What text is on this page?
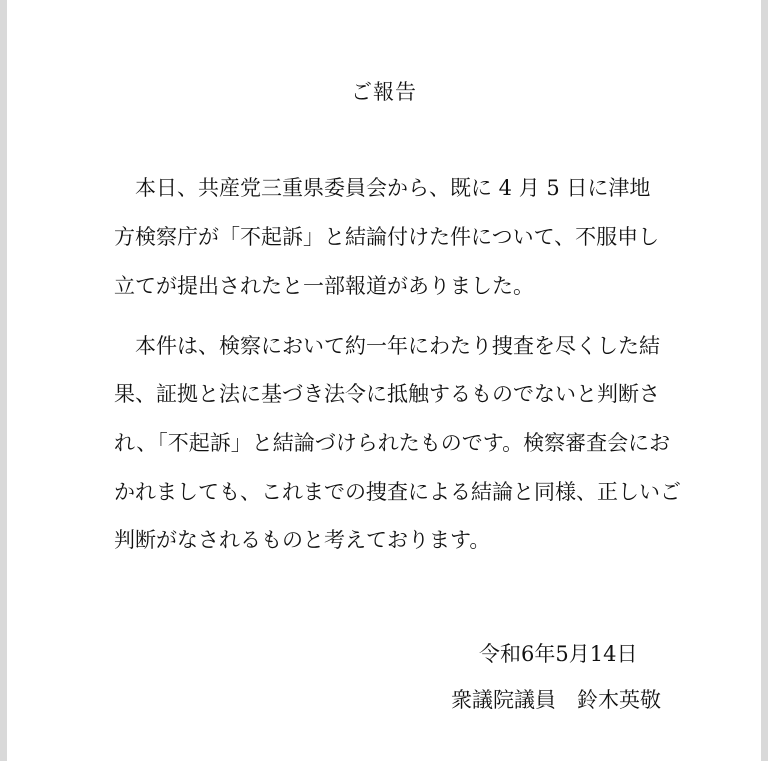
ご報告
本日、共産党三重県委員会から、既に 4 月 5 日に津地
方検察庁が「不起訴」と結論付けた件について、不服申し
立てが提出されたと一部報道がありました。
本件は、検察において約一年にわたり捜査を尽くした結
果、証拠と法に基づき法令に抵触するものでないと判断さ
れ、「不起訴」と結論づけられたものです。検察審査会にお
かれましても、これまでの捜査による結論と同様、正しいご
判断がなされるものと考えております。
令和6年5月14日
衆議院議員　鈴木英敬
